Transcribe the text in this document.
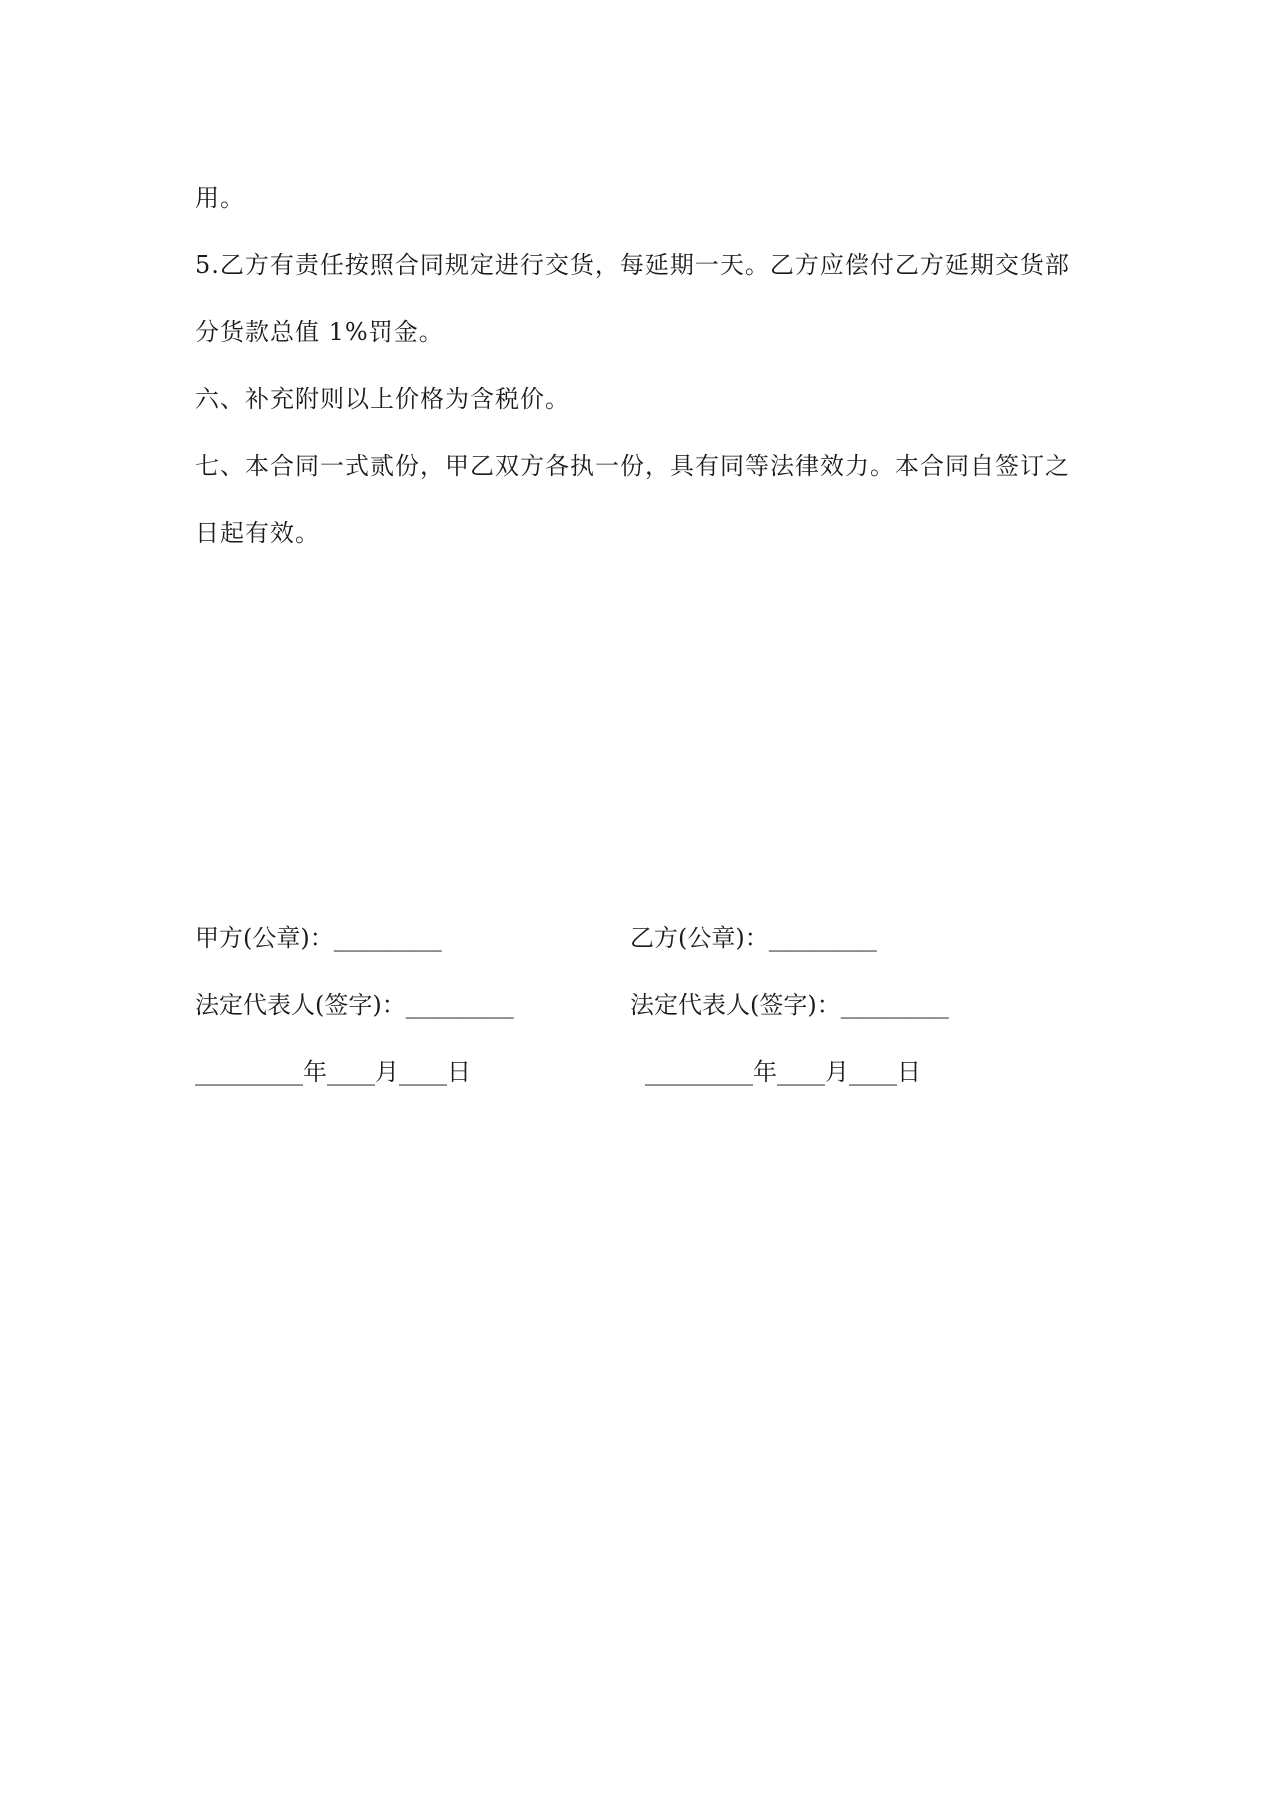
用。

5.乙方有责任按照合同规定进行交货，每延期一天。乙方应偿付乙方延期交货部

分货款总值 1%罚金。

六、补充附则以上价格为含税价。

七、本合同一式贰份，甲乙双方各执一份，具有同等法律效力。本合同自签订之

日起有效。

甲方(公章)：_________	乙方(公章)：_________
法定代表人(签字)：_________	法定代表人(签字)：_________
_________年____月____日	_________年____月____日
